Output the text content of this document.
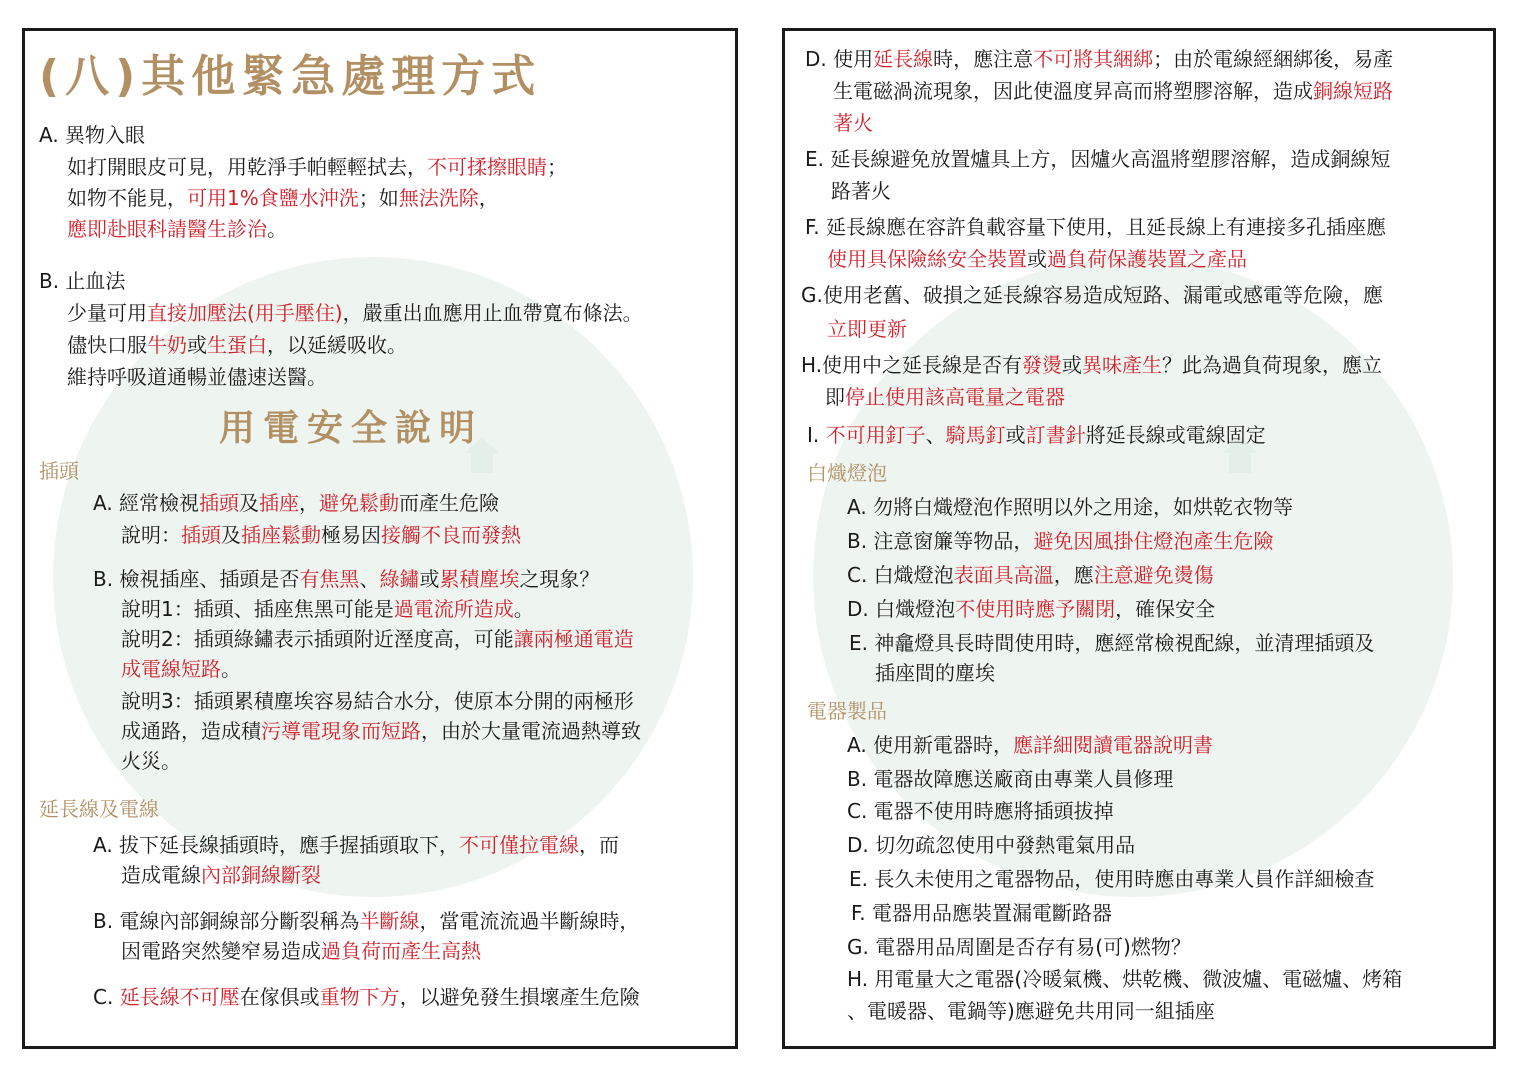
(八)其他緊急處理方式
A. 異物入眼
如打開眼皮可見，用乾淨手帕輕輕拭去，不可揉擦眼睛；
如物不能見，可用1%食鹽水沖洗；如無法洗除，
應即赴眼科請醫生診治。
B. 止血法
少量可用直接加壓法(用手壓住)，嚴重出血應用止血帶寬布條法。
儘快口服牛奶或生蛋白，以延緩吸收。
維持呼吸道通暢並儘速送醫。
用電安全說明
插頭
A. 經常檢視插頭及插座，避免鬆動而產生危險
說明：插頭及插座鬆動極易因接觸不良而發熱
B. 檢視插座、插頭是否有焦黑、綠鏽或累積塵埃之現象？
說明1：插頭、插座焦黑可能是過電流所造成。
說明2：插頭綠鏽表示插頭附近溼度高，可能讓兩極通電造
成電線短路。
說明3：插頭累積塵埃容易結合水分，使原本分開的兩極形
成通路，造成積污導電現象而短路，由於大量電流過熱導致
火災。
延長線及電線
A. 拔下延長線插頭時，應手握插頭取下，不可僅拉電線，而
造成電線內部銅線斷裂
B. 電線內部銅線部分斷裂稱為半斷線，當電流流過半斷線時，
因電路突然變窄易造成過負荷而產生高熱
C. 延長線不可壓在傢俱或重物下方，以避免發生損壞產生危險
D. 使用延長線時，應注意不可將其綑綁；由於電線經綑綁後，易產
生電磁渦流現象，因此使溫度昇高而將塑膠溶解，造成銅線短路
著火
E. 延長線避免放置爐具上方，因爐火高溫將塑膠溶解，造成銅線短
路著火
F. 延長線應在容許負載容量下使用，且延長線上有連接多孔插座應
使用具保險絲安全裝置或過負荷保護裝置之產品
G.使用老舊、破損之延長線容易造成短路、漏電或感電等危險，應
立即更新
H.使用中之延長線是否有發燙或異味產生？此為過負荷現象，應立
即停止使用該高電量之電器
I. 不可用釘子、騎馬釘或訂書針將延長線或電線固定
白熾燈泡
A. 勿將白熾燈泡作照明以外之用途，如烘乾衣物等
B. 注意窗簾等物品，避免因風掛住燈泡產生危險
C. 白熾燈泡表面具高溫，應注意避免燙傷
D. 白熾燈泡不使用時應予關閉，確保安全
E. 神龕燈具長時間使用時，應經常檢視配線，並清理插頭及
插座間的塵埃
電器製品
A. 使用新電器時，應詳細閱讀電器說明書
B. 電器故障應送廠商由專業人員修理
C. 電器不使用時應將插頭拔掉
D. 切勿疏忽使用中發熱電氣用品
E. 長久未使用之電器物品，使用時應由專業人員作詳細檢查
F. 電器用品應裝置漏電斷路器
G. 電器用品周圍是否存有易(可)燃物？
H. 用電量大之電器(冷暖氣機、烘乾機、微波爐、電磁爐、烤箱
、電暖器、電鍋等)應避免共用同一組插座
